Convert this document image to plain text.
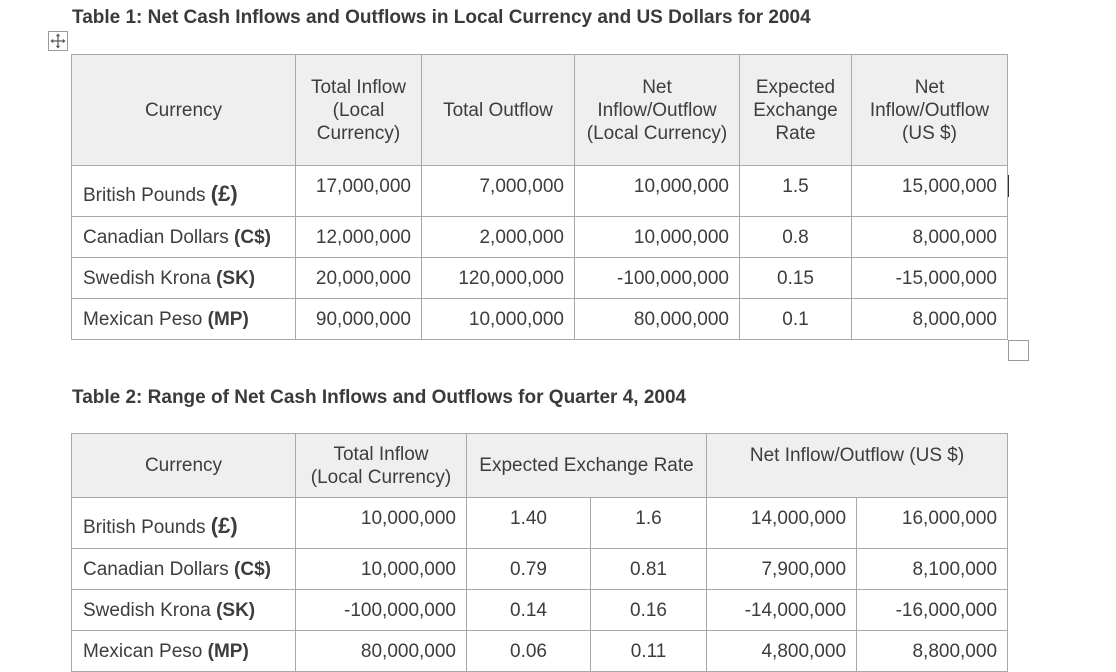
Table 1: Net Cash Inflows and Outflows in Local Currency and US Dollars for 2004
Currency	Total Inflow (Local Currency)	Total Outflow	Net Inflow/Outflow (Local Currency)	Expected Exchange Rate	Net Inflow/Outflow (US $)
British Pounds (£)	17,000,000	7,000,000	10,000,000	1.5	15,000,000
Canadian Dollars (C$)	12,000,000	2,000,000	10,000,000	0.8	8,000,000
Swedish Krona (SK)	20,000,000	120,000,000	-100,000,000	0.15	-15,000,000
Mexican Peso (MP)	90,000,000	10,000,000	80,000,000	0.1	8,000,000
Table 2: Range of Net Cash Inflows and Outflows for Quarter 4, 2004
Currency	Total Inflow (Local Currency)	Expected Exchange Rate		Net Inflow/Outflow (US $)	
British Pounds (£)	10,000,000	1.40	1.6	14,000,000	16,000,000
Canadian Dollars (C$)	10,000,000	0.79	0.81	7,900,000	8,100,000
Swedish Krona (SK)	-100,000,000	0.14	0.16	-14,000,000	-16,000,000
Mexican Peso (MP)	80,000,000	0.06	0.11	4,800,000	8,800,000
